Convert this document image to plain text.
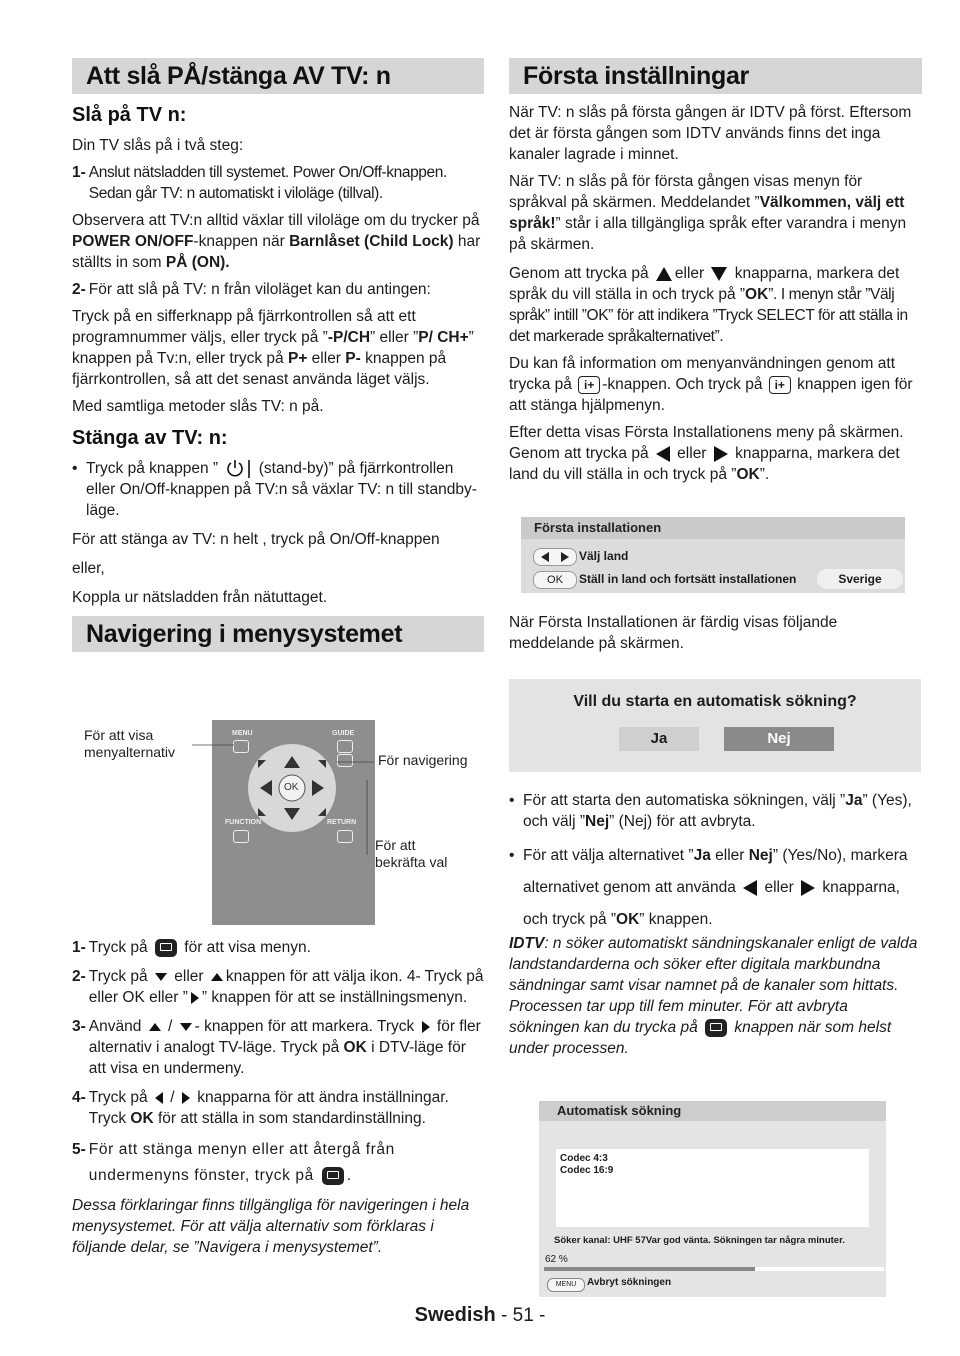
Att slå PÅ/stänga AV TV: n
Slå på TV n:

Din TV slås på i två steg:

1- Anslut nätsladden till systemet. Power On/Off-knappen. Sedan går TV: n automatiskt i viloläge (tillval).

Observera att TV:n alltid växlar till viloläge om du trycker på POWER ON/OFF-knappen när Barnlåset (Child Lock) har ställts in som PÅ (ON).

2- För att slå på TV: n från viloläget kan du antingen:

Tryck på en sifferknapp på fjärrkontrollen så att ett programnummer väljs, eller tryck på ”-P/CH” eller ”P/ CH+” knappen på Tv:n, eller tryck på P+ eller P- knappen på fjärrkontrollen, så att det senast använda läget väljs.

Med samtliga metoder slås TV: n på.

Stänga av TV: n:
• Tryck på knappen ”	(stand-by)” på fjärrkontrollen eller On/Off-knappen på TV:n så växlar TV: n till standby-läge.

För att stänga av TV: n helt , tryck på On/Off-knappen

eller,

Koppla ur nätsladden från nätuttaget.

Navigering i menysystemet
För att visa menyalternativ	För navigering
För att bekräfta val
MENU	GUIDE
FUNCTION	RETURN
OK
1- Tryck på  för att visa menyn.
2- Tryck på  eller knappen för att välja ikon. 4- Tryck på eller OK eller ” ” knappen för att se inställningsmenyn.
3- Använd  / - knappen för att markera. Tryck  för fler alternativ i analogt TV-läge. Tryck på OK i DTV-läge för att visa en undermeny.
4- Tryck på  /  knapparna för att ändra inställningar. Tryck OK för att ställa in som standardinställning.
5- För att stänga menyn eller att återgå från undermenyns fönster, tryck på .

Dessa förklaringar finns tillgängliga för navigeringen i hela menysystemet. För att välja alternativ som förklaras i följande delar, se ”Navigera i menysystemet”.

Första inställningar

När TV: n slås på första gången är IDTV på först. Eftersom det är första gången som IDTV används finns det inga kanaler lagrade i minnet.

När TV: n slås på för första gången visas menyn för språkval på skärmen. Meddelandet ”Välkommen, välj ett språk!” står i alla tillgängliga språk efter varandra i menyn på skärmen.

Genom att trycka på eller  knapparna, markera det språk du vill ställa in och tryck på ”OK”. I menyn står ”Välj språk” intill ”OK” för att indikera ”Tryck SELECT för att ställa in det markerade språkalternativet”.

Du kan få information om menyanvändningen genom att trycka på i+ -knappen. Och tryck på i+ knappen igen för att stänga hjälpmenyn.

Efter detta visas Första Installationens meny på skärmen. Genom att trycka på  eller  knapparna, markera det land du vill ställa in och tryck på ”OK”.

Första installationen
Välj land
OK	Ställ in land och fortsätt installationen	Sverige

När Första Installationen är färdig visas följande meddelande på skärmen.

Vill du starta en automatisk sökning?
Ja	Nej
• För att starta den automatiska sökningen, välj ”Ja” (Yes), och välj ”Nej” (Nej) för att avbryta.
• För att välja alternativet ”Ja eller Nej” (Yes/No), markera alternativet genom att använda  eller  knapparna, och tryck på ”OK” knappen.

IDTV: n söker automatiskt sändningskanaler enligt de valda landstandarderna och söker efter digitala markbundna sändningar samt visar namnet på de kanaler som hittats. Processen tar upp till fem minuter. För att avbryta sökningen kan du trycka på  knappen när som helst under processen.

Automatisk sökning
Codec 4:3
Codec 16:9
Söker kanal: UHF 57Var god vänta. Sökningen tar några minuter.
62 %
MENU	Avbryt sökningen
Swedish - 51 -
